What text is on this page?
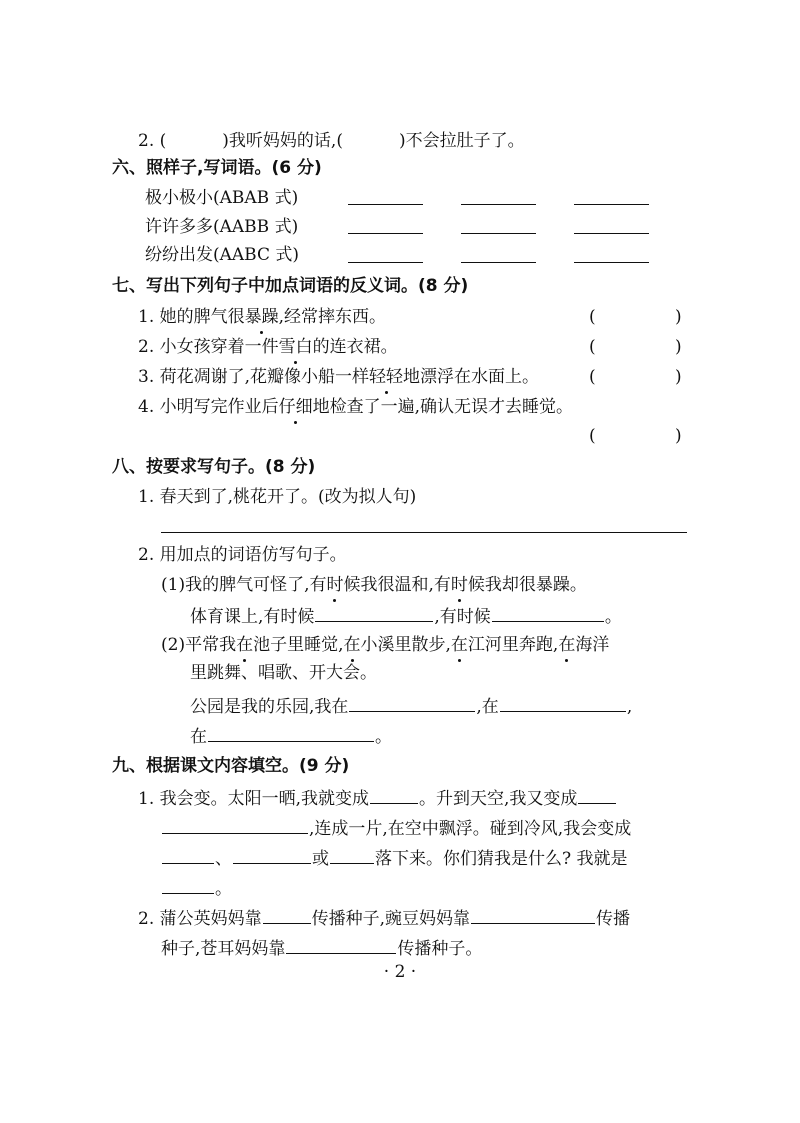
2. (	)我听妈妈的话,(	)不会拉肚子了。
六、照样子,写词语。(6 分)
极小极小(ABAB 式)
许许多多(AABB 式)
纷纷出发(AABC 式)
七、写出下列句子中加点词语的反义词。(8 分)
1. 她的脾气很暴躁,经常摔东西。	(	)
2. 小女孩穿着一件雪白的连衣裙。	(	)
3. 荷花凋谢了,花瓣像小船一样轻轻地漂浮在水面上。	(	)
4. 小明写完作业后仔细地检查了一遍,确认无误才去睡觉。
(	)
八、按要求写句子。(8 分)
1. 春天到了,桃花开了。(改为拟人句)
2. 用加点的词语仿写句子。
(1)我的脾气可怪了,有时候我很温和,有时候我却很暴躁。
体育课上,有时候	,有时候	。
(2)平常我在池子里睡觉,在小溪里散步,在江河里奔跑,在海洋
里跳舞、唱歌、开大会。
公园是我的乐园,我在	,在	,
在	。
九、根据课文内容填空。(9 分)
1. 我会变。太阳一晒,我就变成	。升到天空,我又变成
,连成一片,在空中飘浮。碰到冷风,我会变成
、	或	落下来。你们猜我是什么? 我就是
。
2. 蒲公英妈妈靠	传播种子,豌豆妈妈靠	传播
种子,苍耳妈妈靠	传播种子。
· 2 ·
